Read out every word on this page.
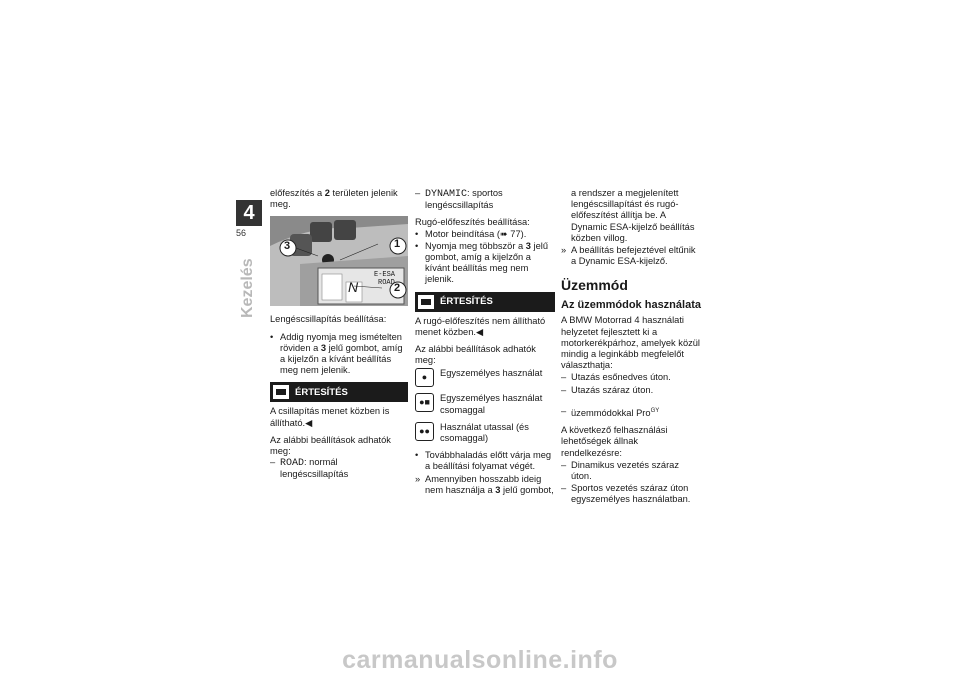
4
56
Kezelés

előfeszítés a 2 területen jelenik meg.

1
2
3
E-ESA
ROAD
N

Lengéscsillapítás beállítása:

• Addig nyomja meg ismételten röviden a 3 jelű gombot, amíg a kijelzőn a kívánt beállítás meg nem jelenik.
ÉRTESÍTÉS

A csillapítás menet közben is állítható.◀

Az alábbi beállítások adhatók meg:

– ROAD: normál lengéscsillapítás
– DYNAMIC: sportos lengéscsillapítás

Rugó-előfeszítés beállítása:

• Motor beindítása (➠ 77).
• Nyomja meg többször a 3 jelű gombot, amíg a kijelzőn a kívánt beállítás meg nem jelenik.
ÉRTESÍTÉS

A rugó-előfeszítés nem állítható menet közben.◀

Az alábbi beállítások adhatók meg:

●	Egyszemélyes használat
●■	Egyszemélyes használat csomaggal
●●	Használat utassal (és csomaggal)
• Továbbhaladás előtt várja meg a beállítási folyamat végét.
» Amennyiben hosszabb ideig nem használja a 3 jelű gombot,

a rendszer a megjelenített lengéscsillapítást és rugó-előfeszítést állítja be. A Dynamic ESA-kijelző beállítás közben villog.

» A beállítás befejeztével eltűnik a Dynamic ESA-kijelző.
Üzemmód
Az üzemmódok használata

A BMW Motorrad 4 használati helyzetet fejlesztett ki a motorkerékpárhoz, amelyek közül mindig a leginkább megfelelőt választhatja:

– Utazás esőnedves úton.
– Utazás száraz úton.
– üzemmódokkal Pro$^{GY}$

A következő felhasználási lehetőségek állnak rendelkezésre:

– Dinamikus vezetés száraz úton.
– Sportos vezetés száraz úton egyszemélyes használatban.
carmanualsonline.info
